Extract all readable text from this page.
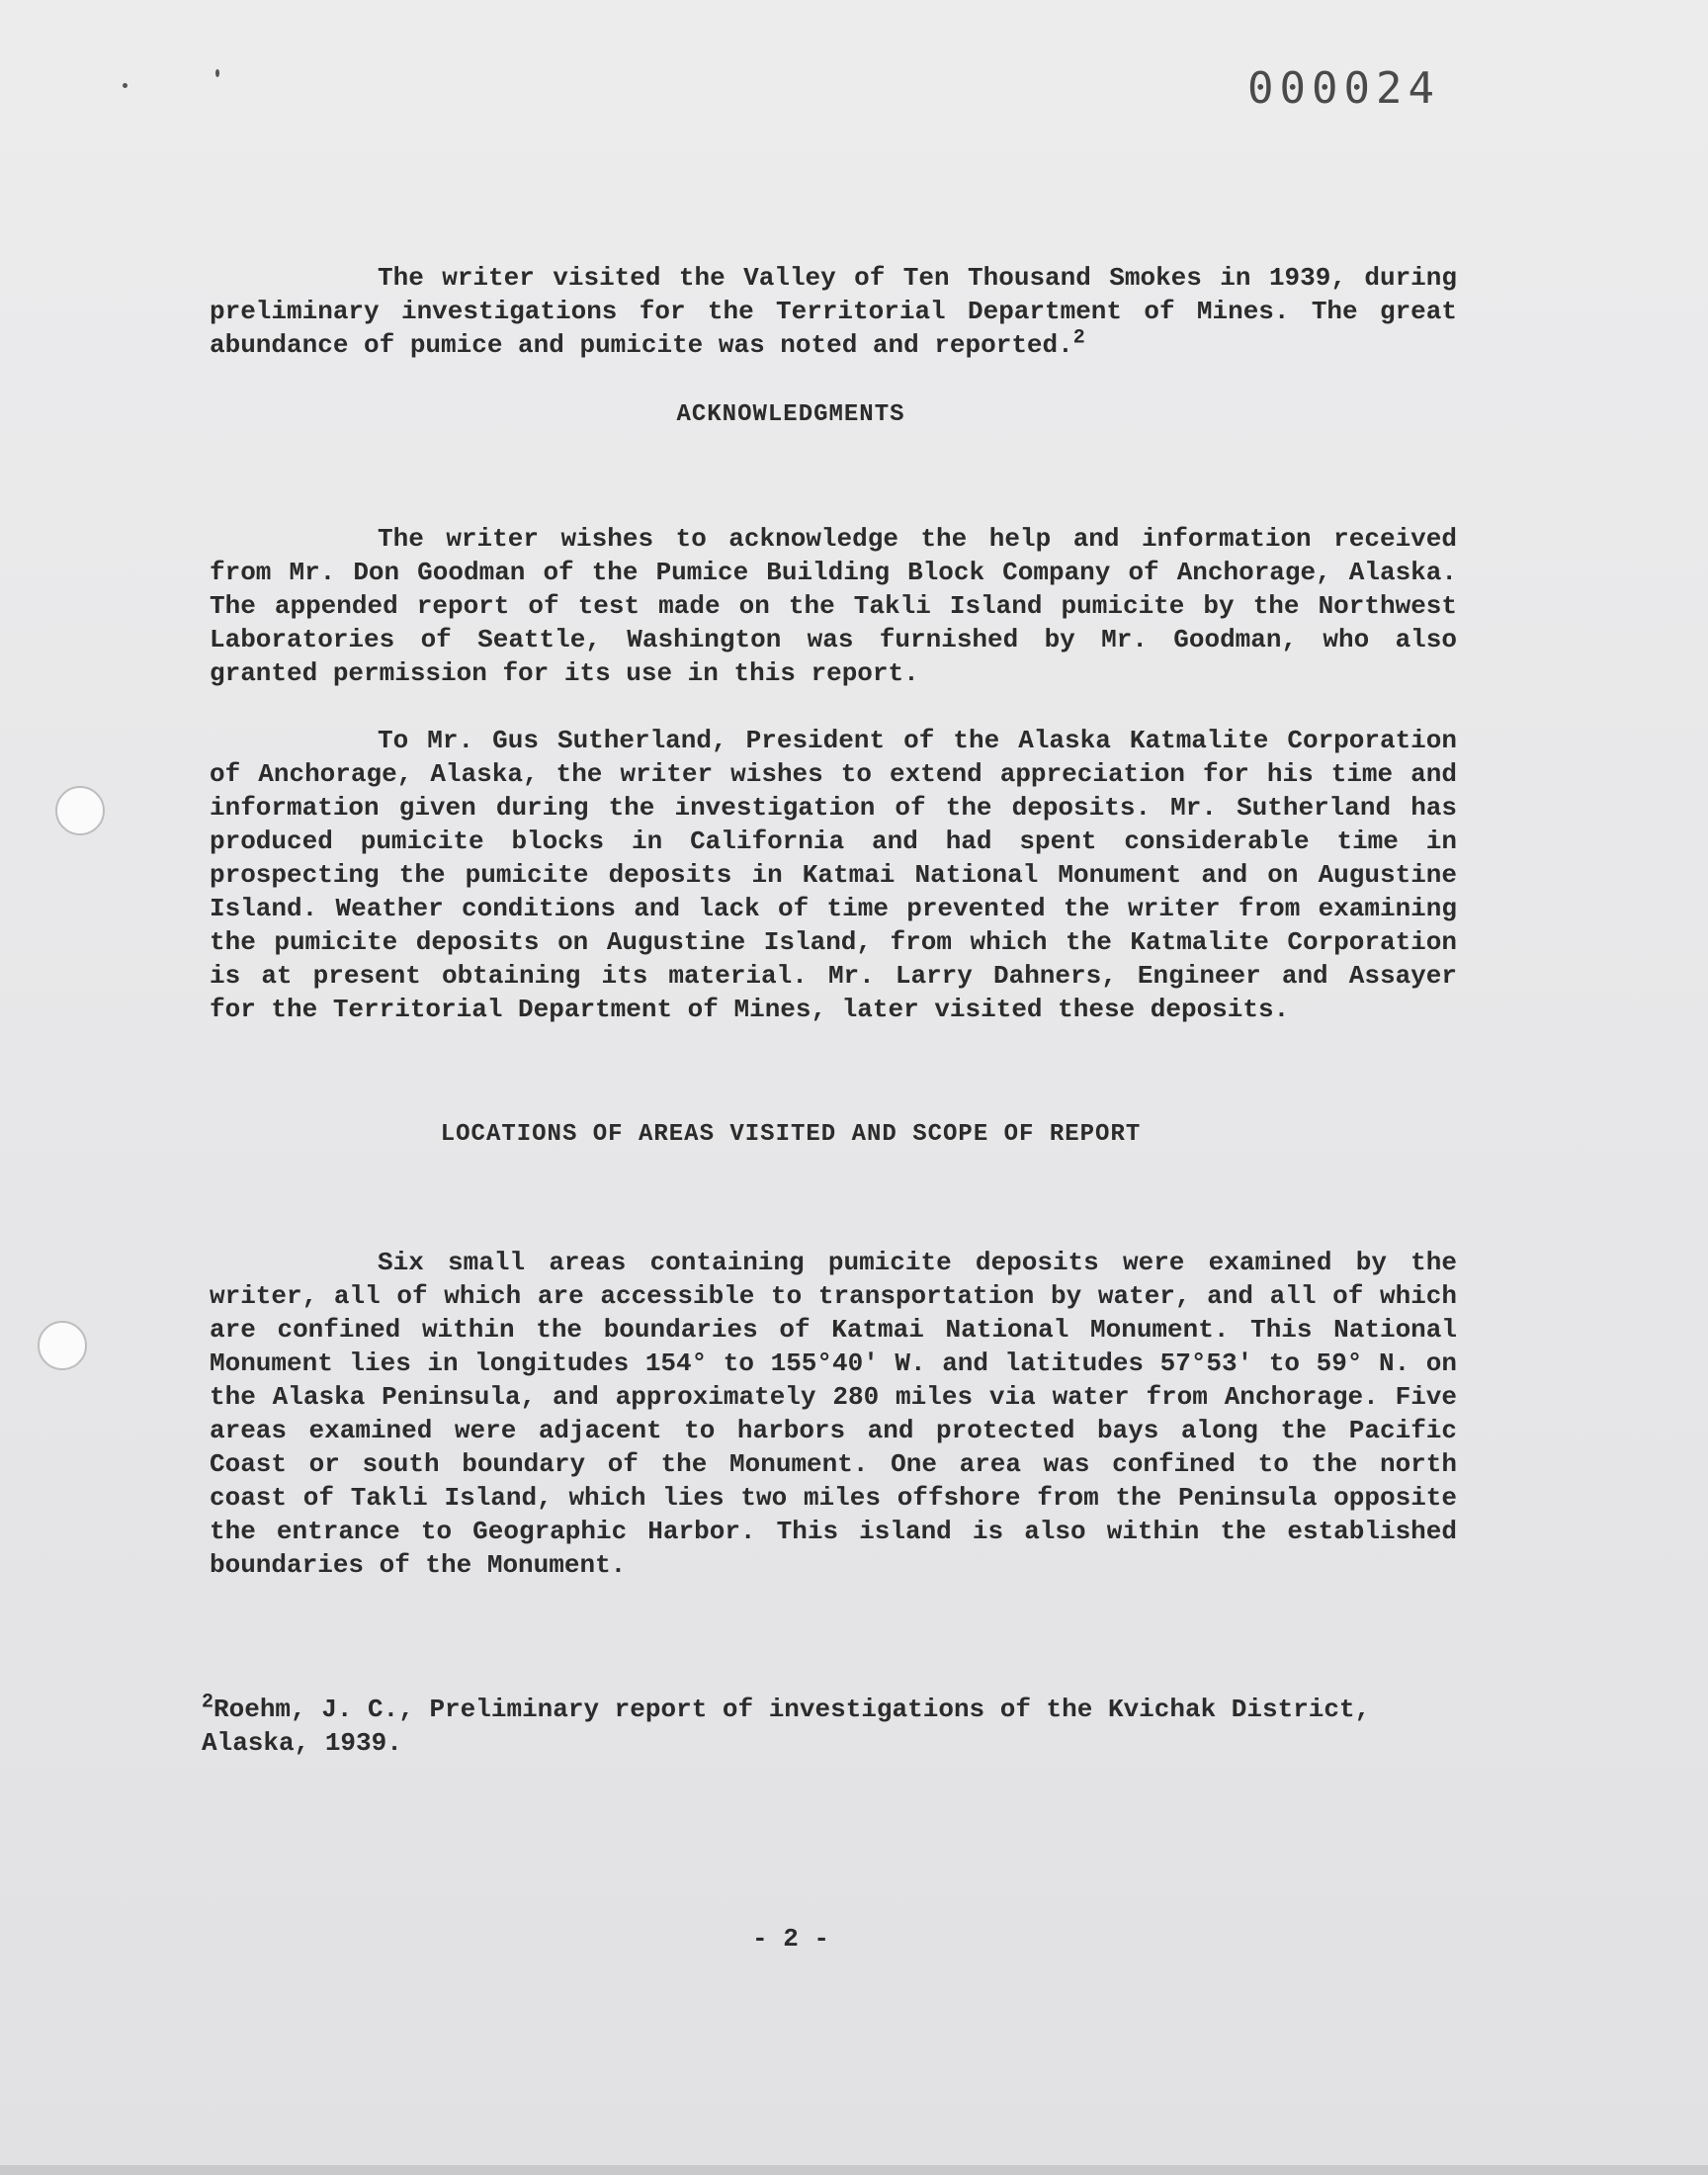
000024

The writer visited the Valley of Ten Thousand Smokes in 1939, during preliminary investigations for the Territorial Department of Mines. The great abundance of pumice and pumicite was noted and reported.$^2$

ACKNOWLEDGMENTS

The writer wishes to acknowledge the help and information received from Mr. Don Goodman of the Pumice Building Block Company of Anchorage, Alaska. The appended report of test made on the Takli Island pumicite by the Northwest Laboratories of Seattle, Washington was furnished by Mr. Goodman, who also granted permission for its use in this report.

To Mr. Gus Sutherland, President of the Alaska Katmalite Corporation of Anchorage, Alaska, the writer wishes to extend appreciation for his time and information given during the investigation of the deposits. Mr. Sutherland has produced pumicite blocks in California and had spent considerable time in prospecting the pumicite deposits in Katmai National Monument and on Augustine Island. Weather conditions and lack of time prevented the writer from examining the pumicite deposits on Augustine Island, from which the Katmalite Corporation is at present obtaining its material. Mr. Larry Dahners, Engineer and Assayer for the Territorial Department of Mines, later visited these deposits.

LOCATIONS OF AREAS VISITED AND SCOPE OF REPORT

Six small areas containing pumicite deposits were examined by the writer, all of which are accessible to transportation by water, and all of which are confined within the boundaries of Katmai National Monument. This National Monument lies in longitudes 154° to 155°40' W. and latitudes 57°53' to 59° N. on the Alaska Peninsula, and approximately 280 miles via water from Anchorage. Five areas examined were adjacent to harbors and protected bays along the Pacific Coast or south boundary of the Monument. One area was confined to the north coast of Takli Island, which lies two miles offshore from the Peninsula opposite the entrance to Geographic Harbor. This island is also within the established boundaries of the Monument.

$^2$Roehm, J. C., Preliminary report of investigations of the Kvichak District, Alaska, 1939.
- 2 -
